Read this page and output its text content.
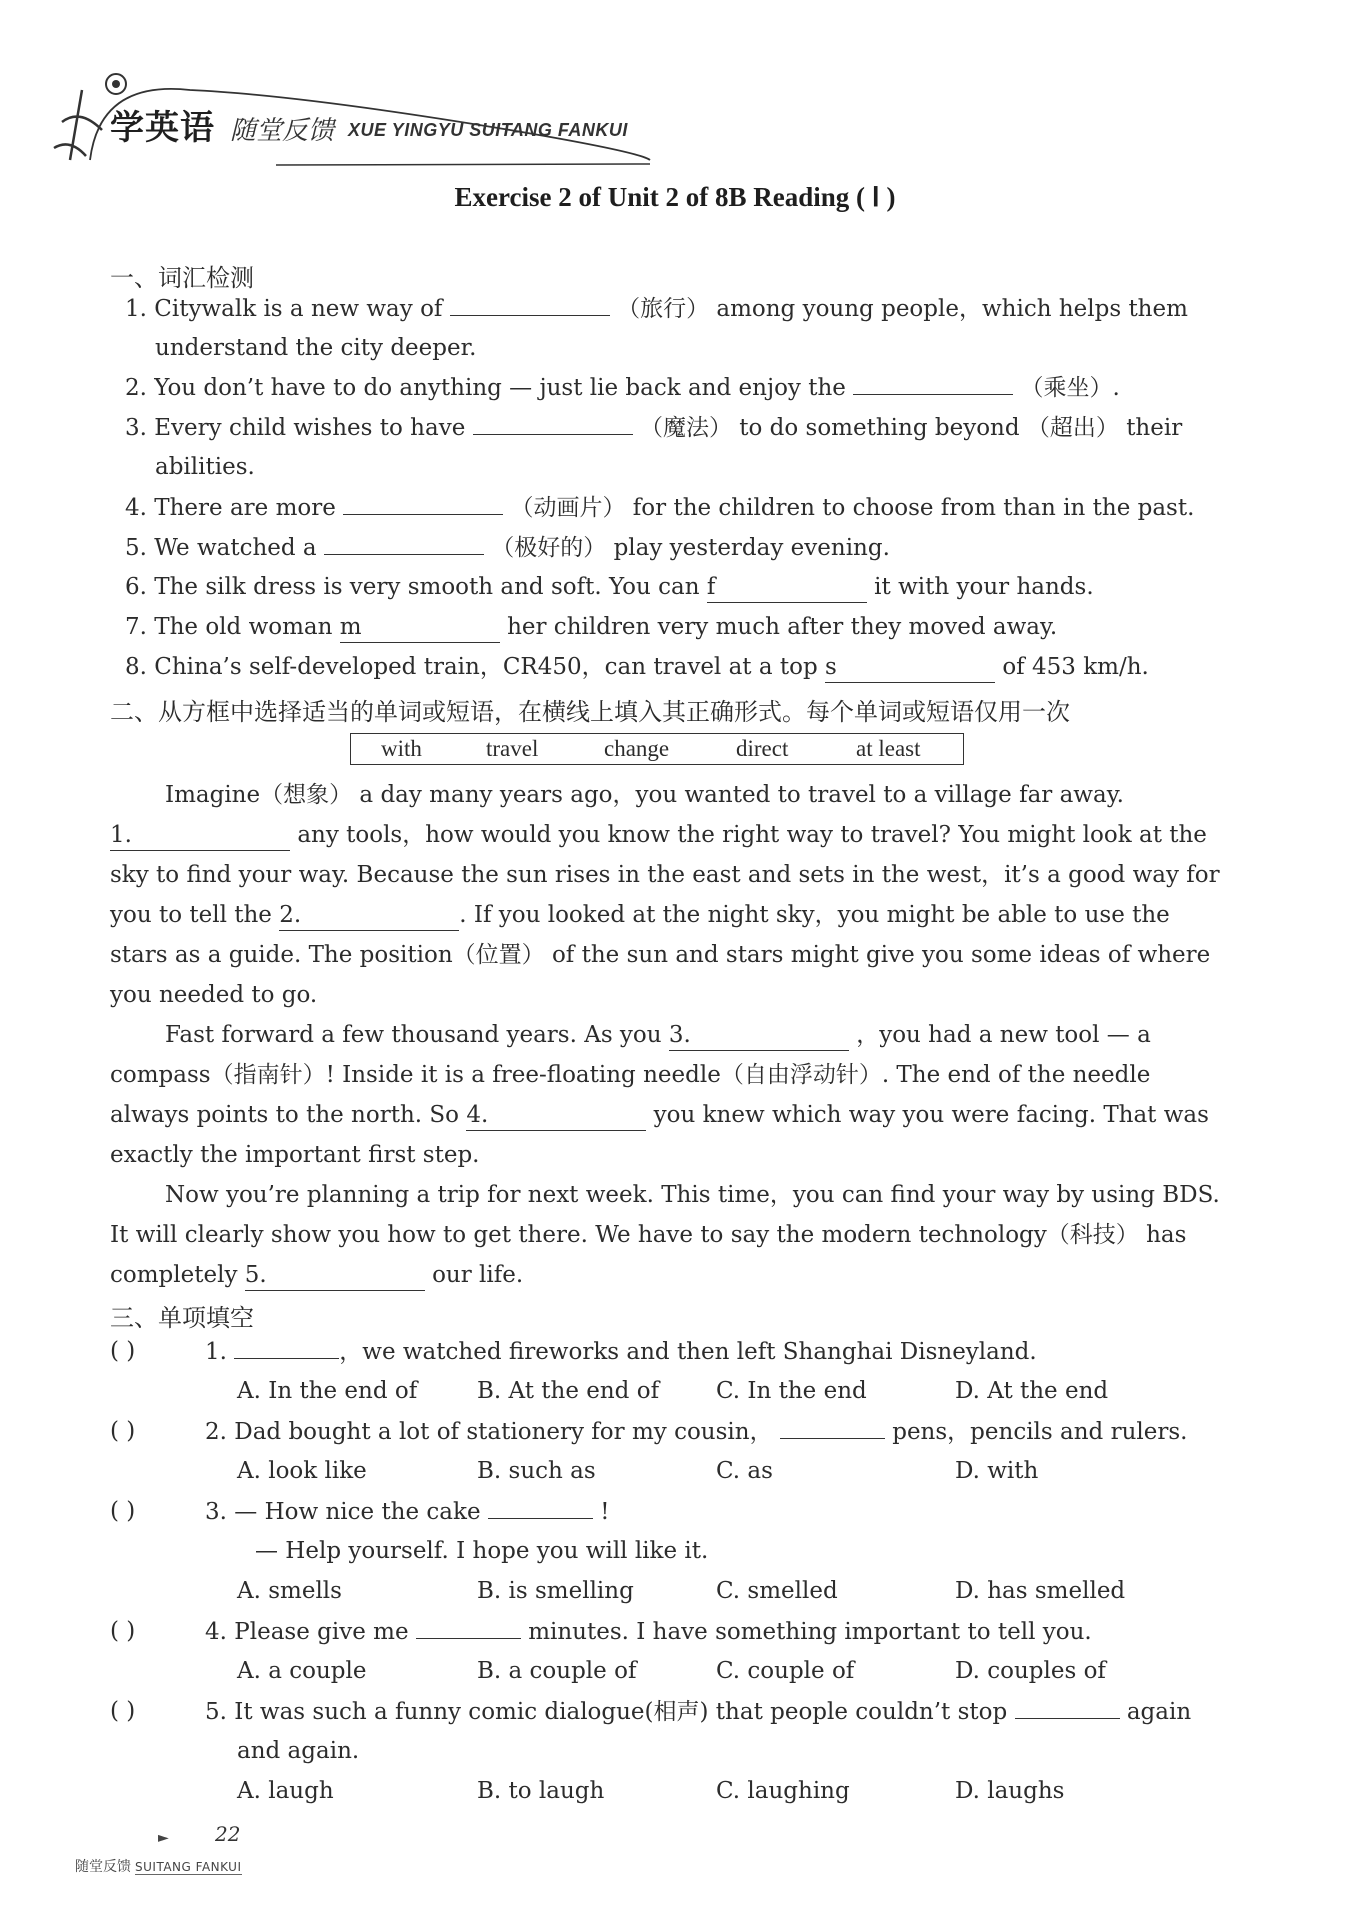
学英语 随堂反馈 XUE YINGYU SUITANG FANKUI
Exercise 2 of Unit 2 of 8B Reading ( Ⅰ )
一、词汇检测
1. Citywalk is a new way of	（旅行） among young people，which helps them
understand the city deeper.
2. You don’t have to do anything — just lie back and enjoy the	（乘坐）.
3. Every child wishes to have	（魔法） to do something beyond （超出） their
abilities.
4. There are more	（动画片） for the children to choose from than in the past.
5. We watched a	（极好的） play yesterday evening.
6. The silk dress is very smooth and soft. You can f	it with your hands.
7. The old woman m	her children very much after they moved away.
8. China’s self-developed train，CR450，can travel at a top s	of 453 km/h.
二、从方框中选择适当的单词或短语，在横线上填入其正确形式。每个单词或短语仅用一次
with	travel	change	direct	at least
Imagine（想象） a day many years ago，you wanted to travel to a village far away.
1.	any tools，how would you know the right way to travel? You might look at the
sky to find your way. Because the sun rises in the east and sets in the west，it’s a good way for
you to tell the 2.	. If you looked at the night sky，you might be able to use the
stars as a guide. The position（位置） of the sun and stars might give you some ideas of where
you needed to go.
Fast forward a few thousand years. As you 3.	，you had a new tool — a
compass（指南针）! Inside it is a free-floating needle（自由浮动针）. The end of the needle
always points to the north. So 4.	you knew which way you were facing. That was
exactly the important first step.
Now you’re planning a trip for next week. This time，you can find your way by using BDS.
It will clearly show you how to get there. We have to say the modern technology（科技） has
completely 5.	our life.
三、单项填空
( )	1.	，we watched fireworks and then left Shanghai Disneyland.
A. In the end of	B. At the end of C. In the end	D. At the end
( )	2. Dad bought a lot of stationery for my cousin，	pens，pencils and rulers.
A. look like	B. such as	C. as	D. with
( )	3. — How nice the cake	!
— Help yourself. I hope you will like it.
A. smells	B. is smelling	C. smelled	D. has smelled
( )	4. Please give me	minutes. I have something important to tell you.
A. a couple	B. a couple of	C. couple of	D. couples of
( )	5. It was such a funny comic dialogue(相声) that people couldn’t stop	again
and again.
A. laugh	B. to laugh	C. laughing	D. laughs
► 22
随堂反馈 SUITANG FANKUI
